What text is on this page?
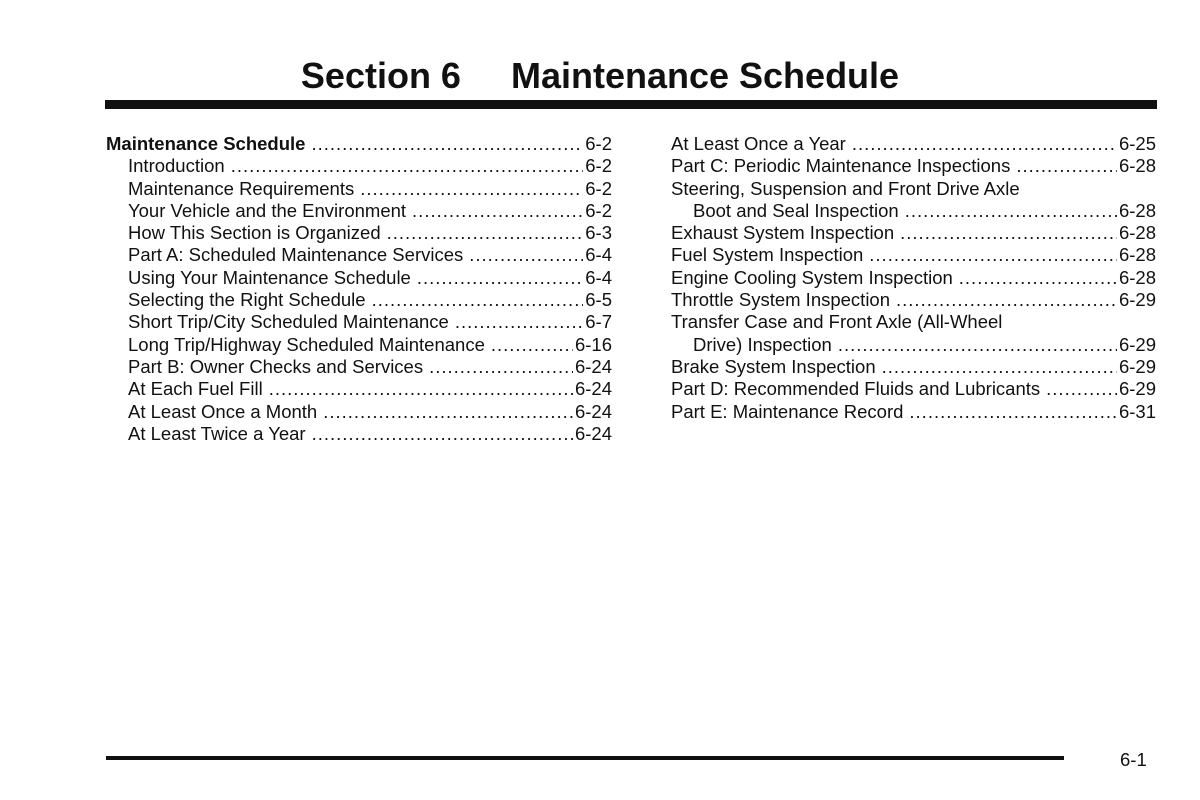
Section 6     Maintenance Schedule
Maintenance Schedule .....	6-2
Introduction .....	6-2
Maintenance Requirements .....	6-2
Your Vehicle and the Environment .....	6-2
How This Section is Organized .....	6-3
Part A: Scheduled Maintenance Services .....	6-4
Using Your Maintenance Schedule .....	6-4
Selecting the Right Schedule .....	6-5
Short Trip/City Scheduled Maintenance .....	6-7
Long Trip/Highway Scheduled Maintenance .....	6-16
Part B: Owner Checks and Services .....	6-24
At Each Fuel Fill .....	6-24
At Least Once a Month .....	6-24
At Least Twice a Year .....	6-24
At Least Once a Year .....	6-25
Part C: Periodic Maintenance Inspections .....	6-28
Steering, Suspension and Front Drive Axle
Boot and Seal Inspection .....	6-28
Exhaust System Inspection .....	6-28
Fuel System Inspection .....	6-28
Engine Cooling System Inspection .....	6-28
Throttle System Inspection .....	6-29
Transfer Case and Front Axle (All-Wheel
Drive) Inspection .....	6-29
Brake System Inspection .....	6-29
Part D: Recommended Fluids and Lubricants .....	6-29
Part E: Maintenance Record .....	6-31
6-1
